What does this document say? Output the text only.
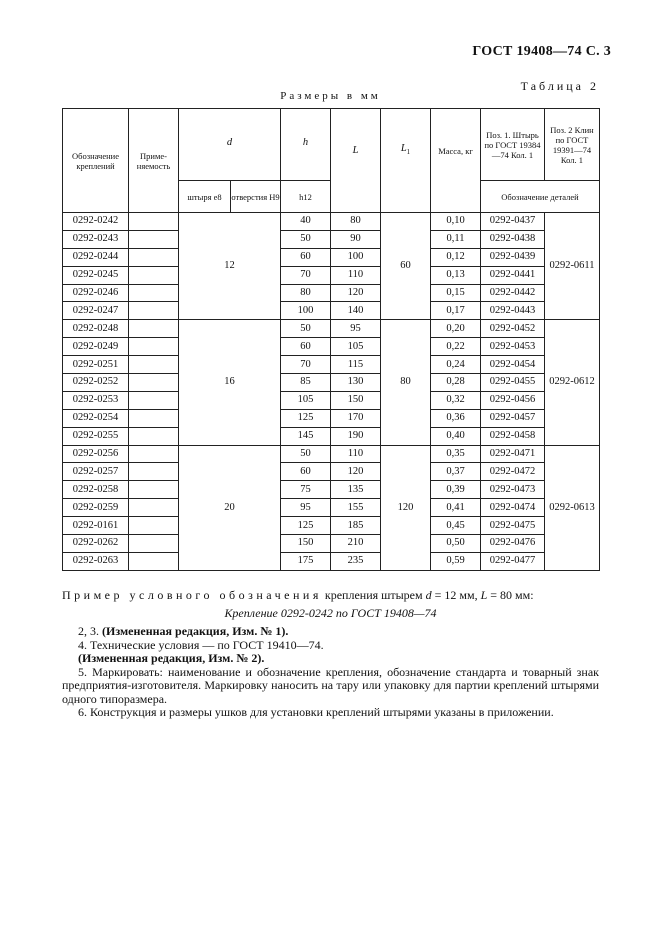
ГОСТ 19408—74 С. 3
Таблица 2
Размеры в мм
Обозначение креплений	Приме- няемость	d		h	L	$L_1$	Масса, кг	Поз. 1. Штырь по ГОСТ 19384—74 Кол. 1	Поз. 2 Клин по ГОСТ 19391—74 Кол. 1
		штыря е8	отверстия Н9	h12				Обозначение деталей	
0292-0242		12		40	80	60	0,10	0292-0437	0292-0611
0292-0243				50	90		0,11	0292-0438	
0292-0244				60	100		0,12	0292-0439	
0292-0245				70	110		0,13	0292-0441	
0292-0246				80	120		0,15	0292-0442	
0292-0247				100	140		0,17	0292-0443	
0292-0248		16		50	95	80	0,20	0292-0452	0292-0612
0292-0249				60	105		0,22	0292-0453	
0292-0251				70	115		0,24	0292-0454	
0292-0252				85	130		0,28	0292-0455	
0292-0253				105	150		0,32	0292-0456	
0292-0254				125	170		0,36	0292-0457	
0292-0255				145	190		0,40	0292-0458	
0292-0256		20		50	110	120	0,35	0292-0471	0292-0613
0292-0257				60	120		0,37	0292-0472	
0292-0258				75	135		0,39	0292-0473	
0292-0259				95	155		0,41	0292-0474	
0292-0161				125	185		0,45	0292-0475	
0292-0262				150	210		0,50	0292-0476	
0292-0263				175	235		0,59	0292-0477	
Пример условного обозначения крепления штырем d = 12 мм, L = 80 мм:
Крепление 0292-0242 по ГОСТ 19408—74

2, 3. (Измененная редакция, Изм. № 1).

4. Технические условия — по ГОСТ 19410—74.

(Измененная редакция, Изм. № 2).

5. Маркировать: наименование и обозначение крепления, обозначение стандарта и товарный знак предприятия-изготовителя. Маркировку наносить на тару или упаковку для партии креплений штырями одного типоразмера.

6. Конструкция и размеры ушков для установки креплений штырями указаны в приложении.
